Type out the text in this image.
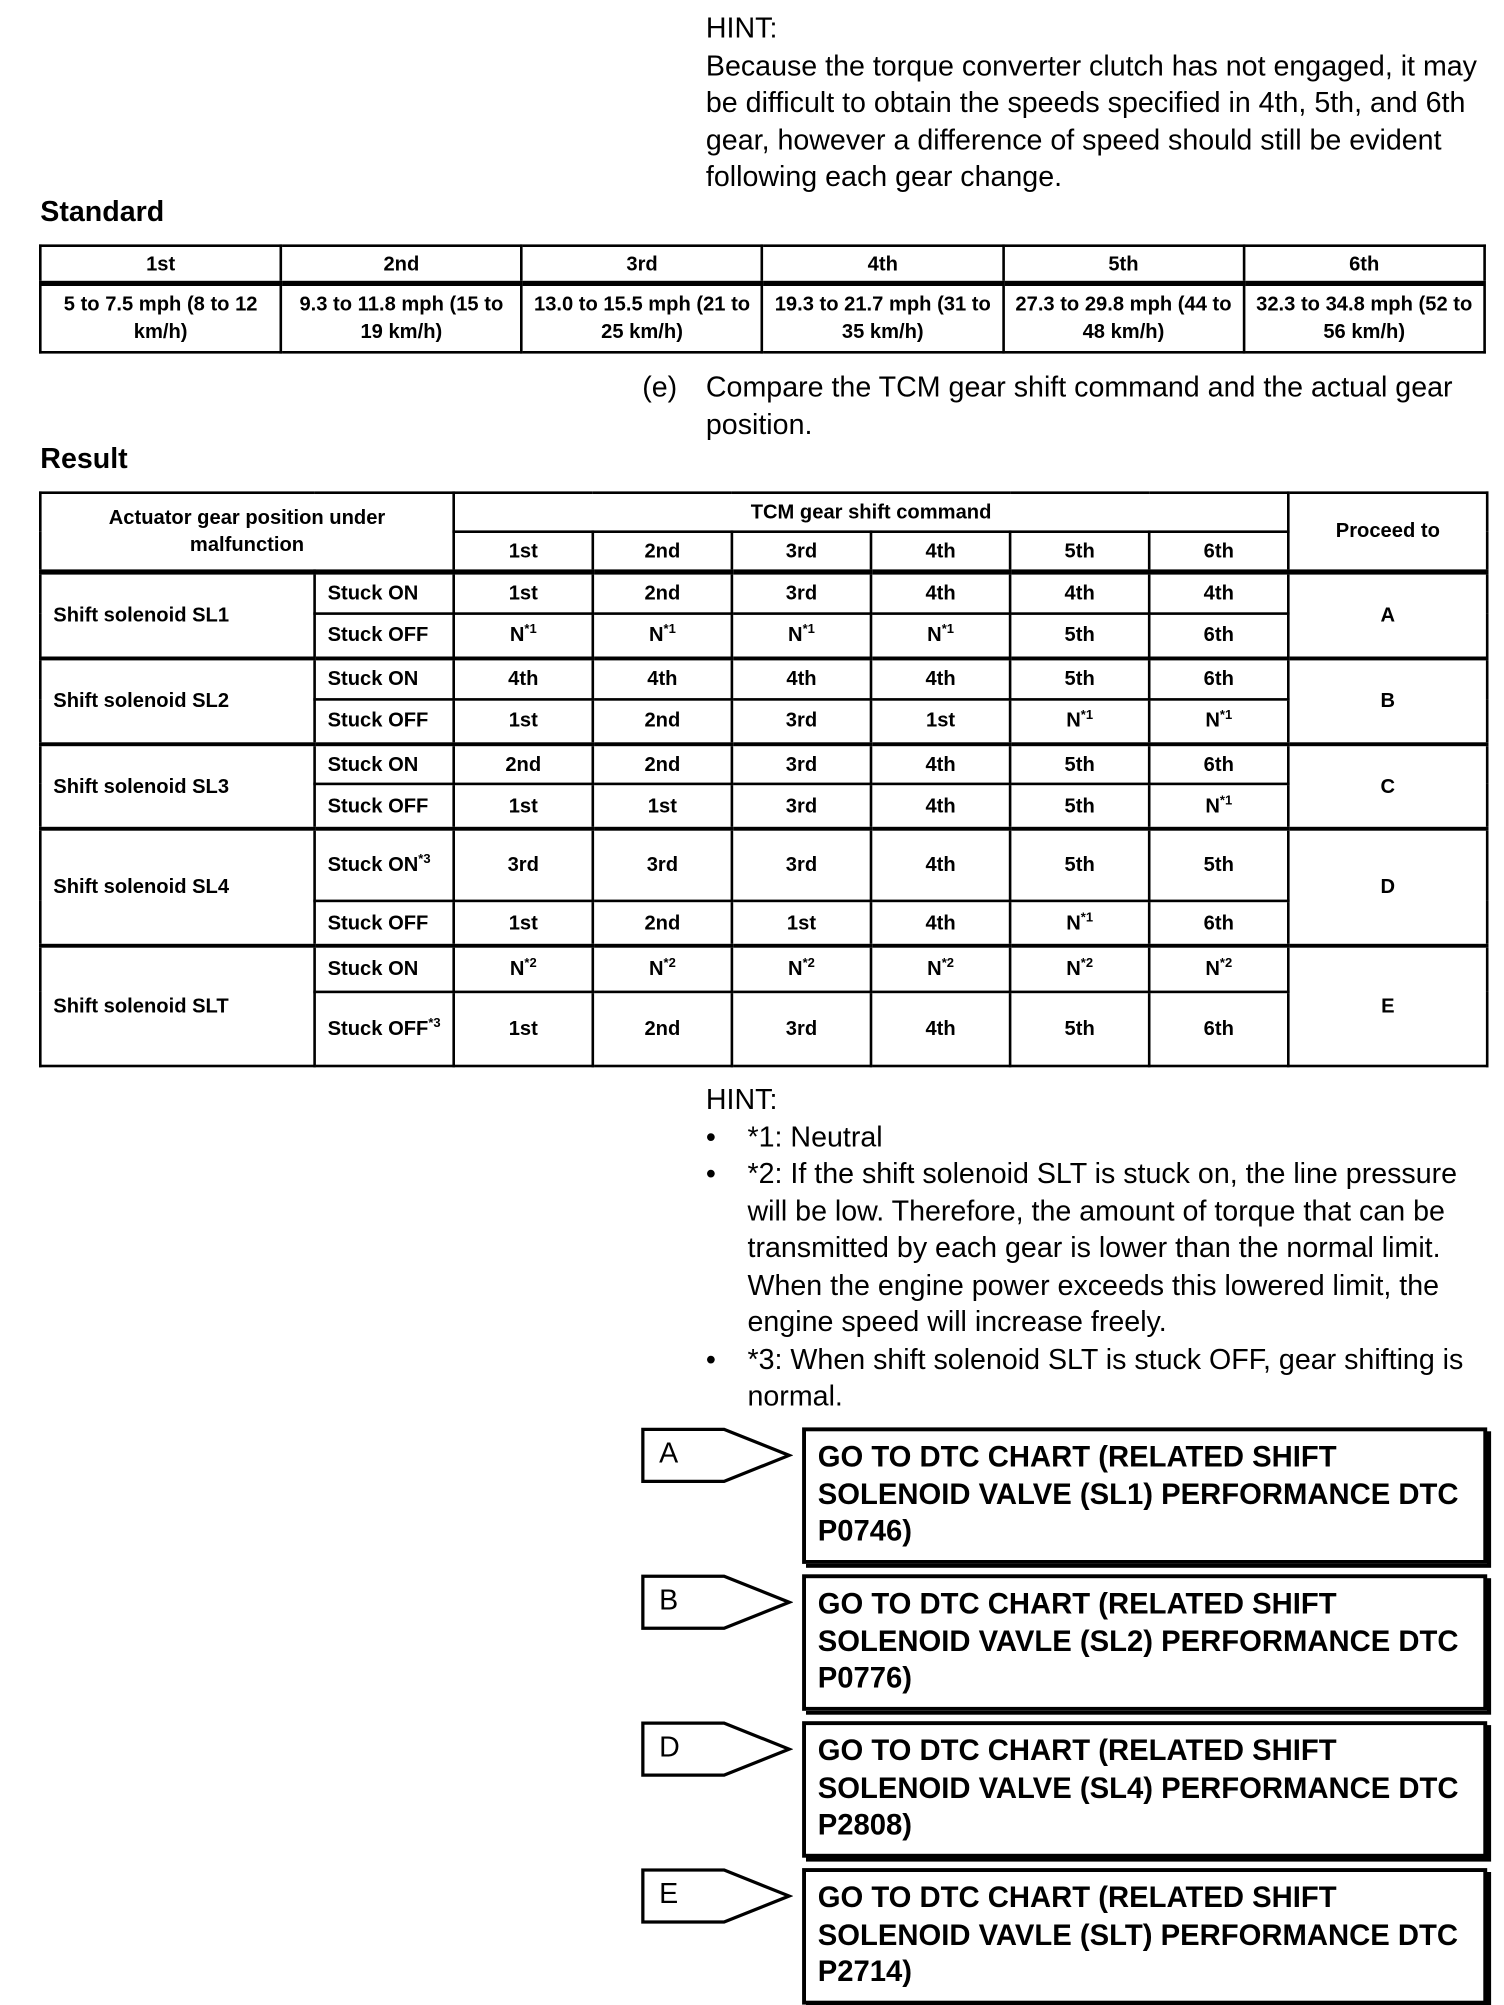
HINT:
Because the torque converter clutch has not engaged, it may be difficult to obtain the speeds specified in 4th, 5th, and 6th gear, however a difference of speed should still be evident following each gear change.
Standard
1st	2nd	3rd	4th	5th	6th
5 to 7.5 mph (8 to 12 km/h)	9.3 to 11.8 mph (15 to 19 km/h)	13.0 to 15.5 mph (21 to 25 km/h)	19.3 to 21.7 mph (31 to 35 km/h)	27.3 to 29.8 mph (44 to 48 km/h)	32.3 to 34.8 mph (52 to 56 km/h)
(e) Compare the TCM gear shift command and the actual gear position.
Result
Actuator gear position under malfunction		TCM gear shift command						Proceed to
		1st	2nd	3rd	4th	5th	6th	
Shift solenoid SL1	Stuck ON	1st	2nd	3rd	4th	4th	4th	A
	Stuck OFF	$N^{*1}$	$N^{*1}$	$N^{*1}$	$N^{*1}$	5th	6th	
Shift solenoid SL2	Stuck ON	4th	4th	4th	4th	5th	6th	B
	Stuck OFF	1st	2nd	3rd	1st	$N^{*1}$	$N^{*1}$
Shift solenoid SL3	Stuck ON	2nd	2nd	3rd	4th	5th	6th	C
	Stuck OFF	1st	1st	3rd	4th	5th	$N^{*1}$
Shift solenoid SL4	Stuck ON$^{*3}$	3rd	3rd	3rd	4th	5th	5th	D
	Stuck OFF	1st	2nd	1st	4th	$N^{*1}$	6th	
Shift solenoid SLT	Stuck ON	$N^{*2}$	$N^{*2}$	$N^{*2}$	$N^{*2}$	$N^{*2}$	$N^{*2}$	E
	Stuck OFF$^{*3}$	1st	2nd	3rd	4th	5th	6th	
HINT:
• *1: Neutral
• *2: If the shift solenoid SLT is stuck on, the line pressure will be low. Therefore, the amount of torque that can be transmitted by each gear is lower than the normal limit. When the engine power exceeds this lowered limit, the engine speed will increase freely.
• *3: When shift solenoid SLT is stuck OFF, gear shifting is normal.
A	GO TO DTC CHART (RELATED SHIFT SOLENOID VALVE (SL1) PERFORMANCE DTC P0746)
B	GO TO DTC CHART (RELATED SHIFT SOLENOID VAVLE (SL2) PERFORMANCE DTC P0776)
D	GO TO DTC CHART (RELATED SHIFT SOLENOID VALVE (SL4) PERFORMANCE DTC P2808)
E	GO TO DTC CHART (RELATED SHIFT SOLENOID VAVLE (SLT) PERFORMANCE DTC P2714)
